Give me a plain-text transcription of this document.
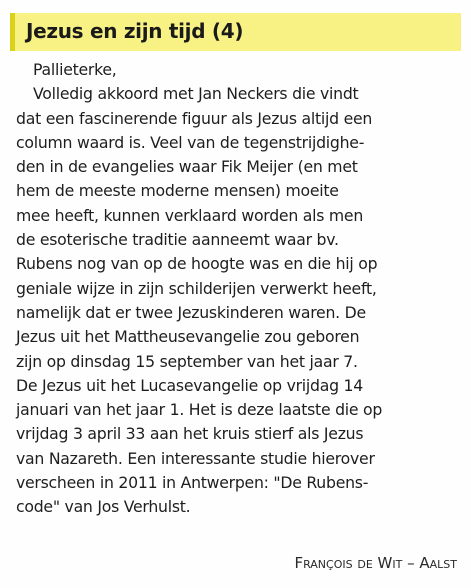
Jezus en zijn tijd (4)
Pallieterke,
Volledig akkoord met Jan Neckers die vindt
dat een fascinerende figuur als Jezus altijd een
column waard is. Veel van de tegenstrijdighe-
den in de evangelies waar Fik Meijer (en met
hem de meeste moderne mensen) moeite
mee heeft, kunnen verklaard worden als men
de esoterische traditie aanneemt waar bv.
Rubens nog van op de hoogte was en die hij op
geniale wijze in zijn schilderijen verwerkt heeft,
namelijk dat er twee Jezuskinderen waren. De
Jezus uit het Mattheusevangelie zou geboren
zijn op dinsdag 15 september van het jaar 7.
De Jezus uit het Lucasevangelie op vrijdag 14
januari van het jaar 1. Het is deze laatste die op
vrijdag 3 april 33 aan het kruis stierf als Jezus
van Nazareth. Een interessante studie hierover
verscheen in 2011 in Antwerpen: "De Rubens-
code" van Jos Verhulst.

François de Wit – Aalst
